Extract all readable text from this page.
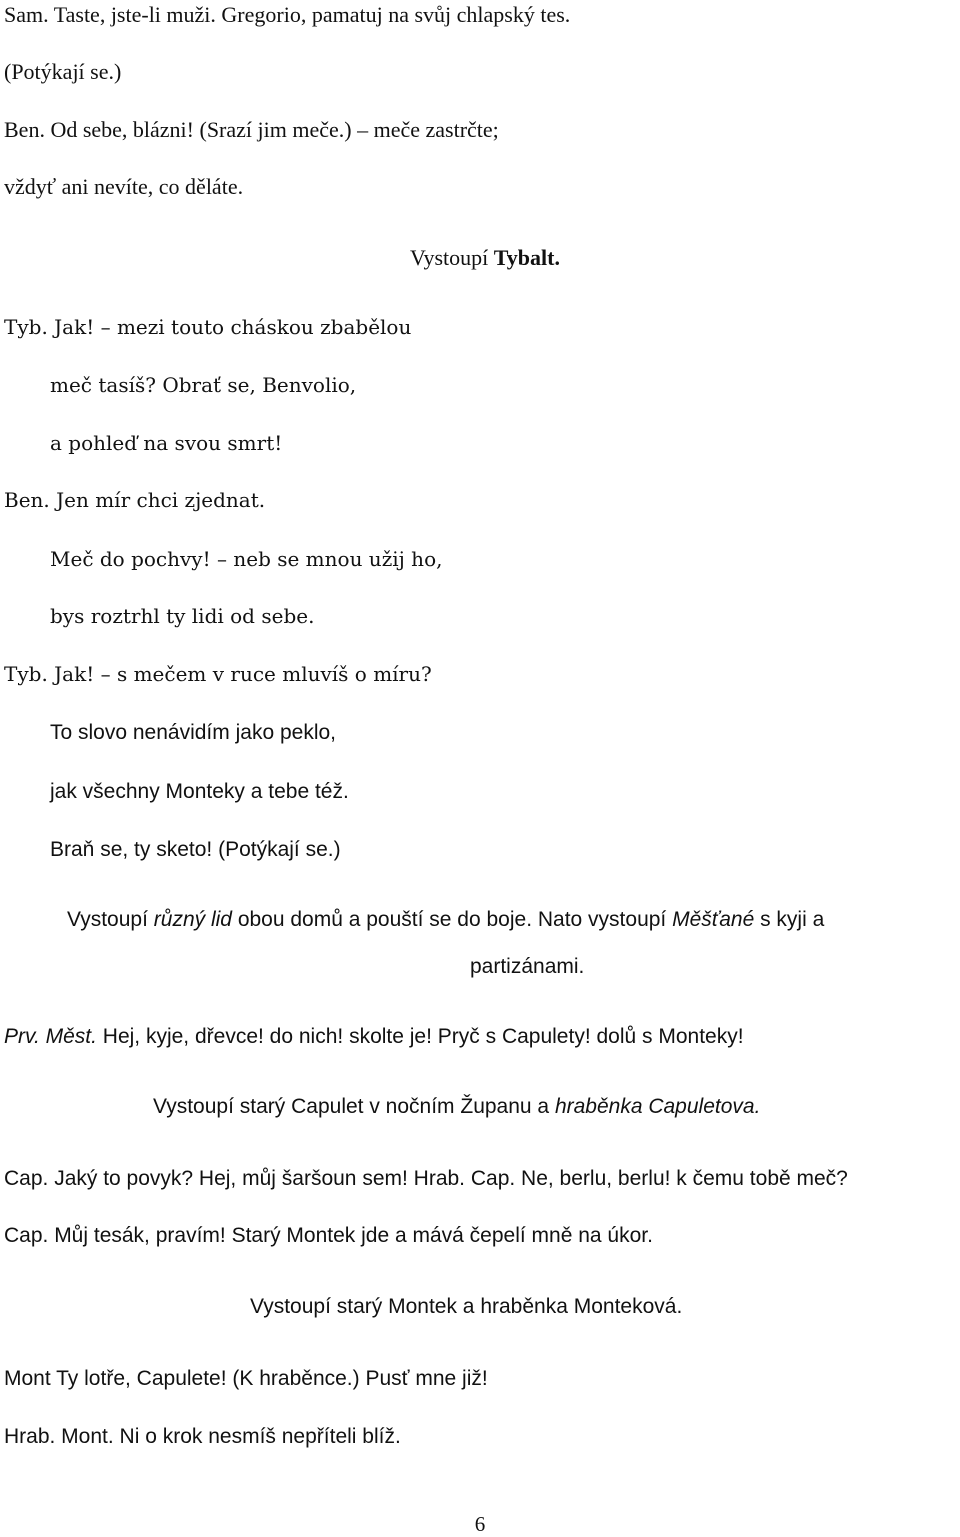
Sam. Taste, jste-li muži. Gregorio, pamatuj na svůj chlapský tes.

(Potýkají se.)

Ben. Od sebe, blázni! (Srazí jim meče.) – meče zastrčte;

vždyť ani nevíte, co děláte.

Vystoupí Tybalt.

Tyb. Jak! – mezi touto cháskou zbabělou

meč tasíš? Obrať se, Benvolio,

a pohleď na svou smrt!

Ben. Jen mír chci zjednat.

Meč do pochvy! – neb se mnou užij ho,

bys roztrhl ty lidi od sebe.

Tyb. Jak! – s mečem v ruce mluvíš o míru?

To slovo nenávidím jako peklo,

jak všechny Monteky a tebe též.

Braň se, ty sketo! (Potýkají se.)

Vystoupí různý lid obou domů a pouští se do boje. Nato vystoupí Měšťané s kyji a

partizánami.

Prv. Měst. Hej, kyje, dřevce! do nich! skolte je! Pryč s Capulety! dolů s Monteky!

Vystoupí starý Capulet v nočním Županu a hraběnka Capuletova.

Cap. Jaký to povyk? Hej, můj šaršoun sem! Hrab. Cap. Ne, berlu, berlu! k čemu tobě meč?

Cap. Můj tesák, pravím! Starý Montek jde a mává čepelí mně na úkor.

Vystoupí starý Montek a hraběnka Monteková.

Mont Ty lotře, Capulete! (K hraběnce.) Pusť mne již!

Hrab. Mont. Ni o krok nesmíš nepříteli blíž.

6
